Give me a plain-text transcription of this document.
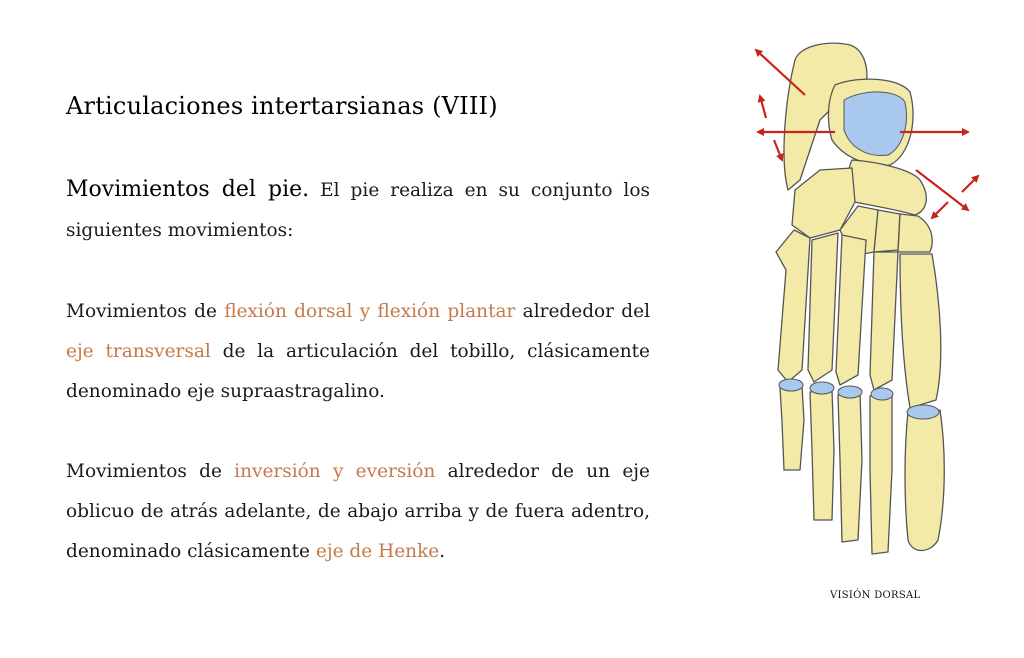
Articulaciones intertarsianas (VIII)
Movimientos del pie. El pie realiza en su conjunto los siguientes movimientos:
Movimientos de flexión dorsal y flexión plantar alrededor del eje transversal de la articulación del tobillo, clásicamente denominado eje supraastragalino.
Movimientos de inversión y eversión alrededor de un eje oblicuo de atrás adelante, de abajo arriba y de fuera adentro, denominado clásicamente eje de Henke.
VISIÓN DORSAL
